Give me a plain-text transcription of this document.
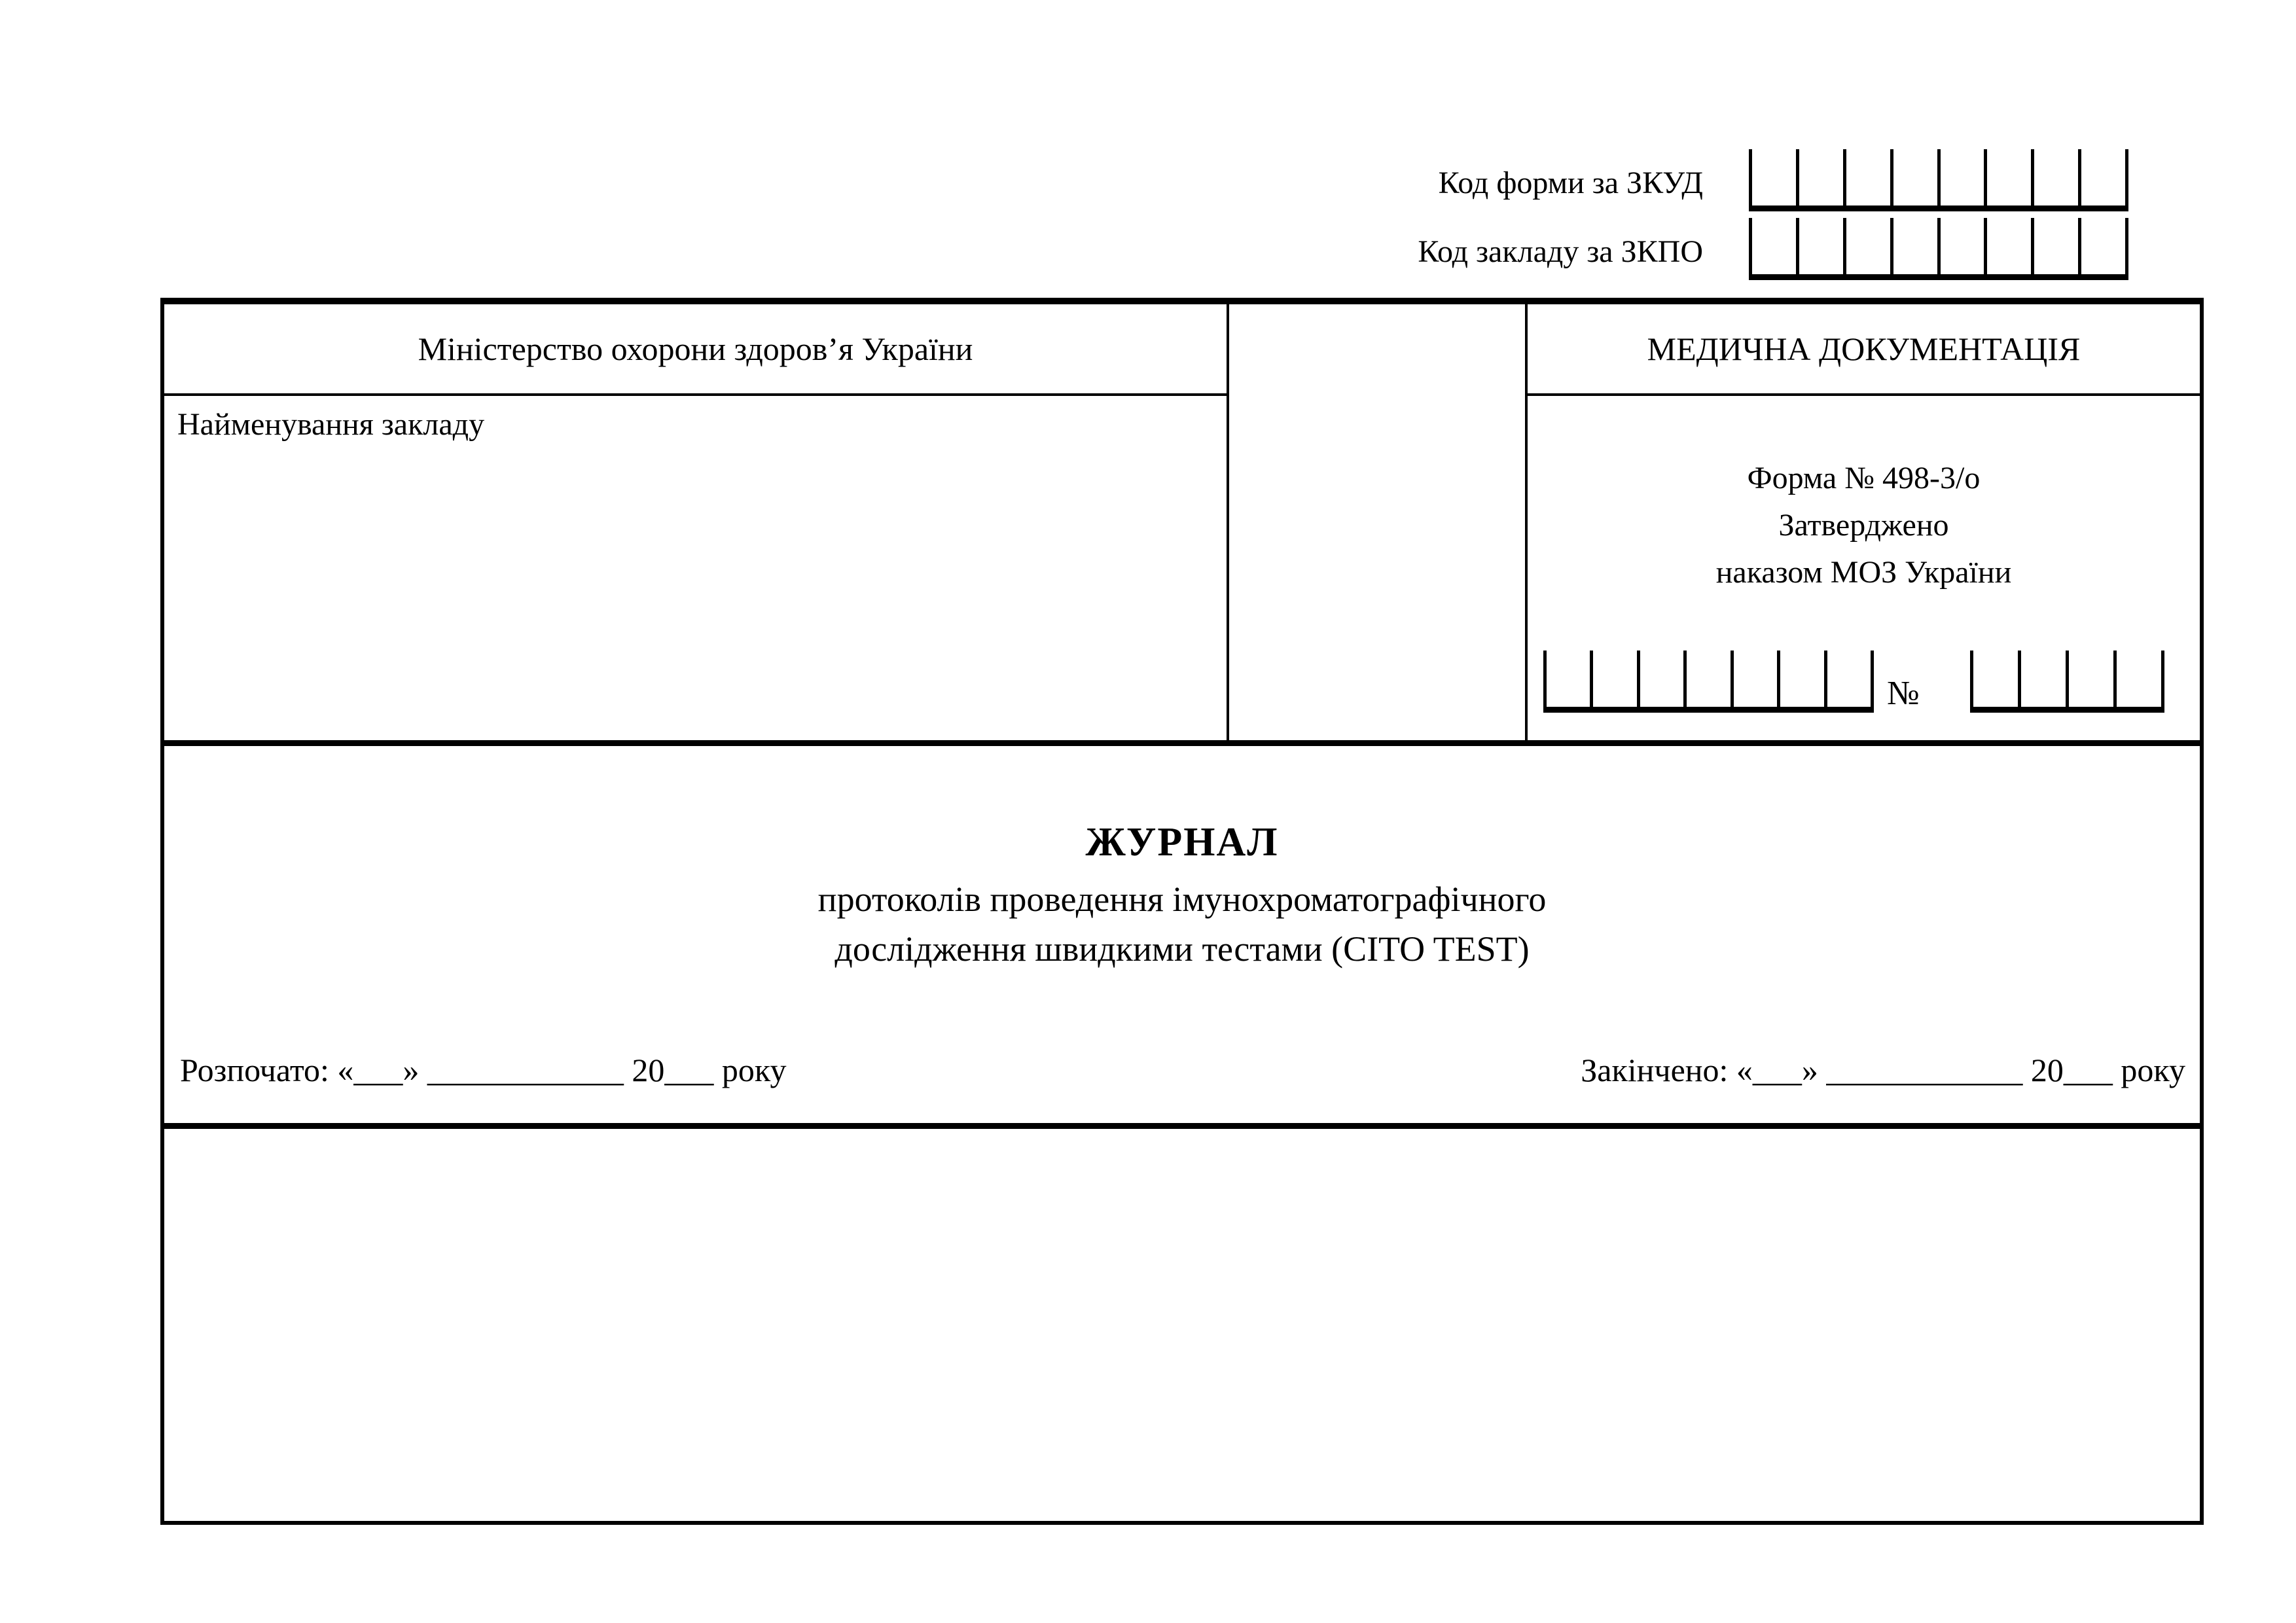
Код форми за ЗКУД
Код закладу за ЗКПО
Міністерство охорони здоров’я України
Найменування закладу
МЕДИЧНА ДОКУМЕНТАЦІЯ
Форма № 498-3/о
Затверджено
наказом МОЗ України
№
ЖУРНАЛ
протоколів проведення імунохроматографічного
дослідження швидкими тестами (CITO TEST)
Розпочато: «___» ____________ 20___ року	Закінчено: «___» ____________ 20___ року
